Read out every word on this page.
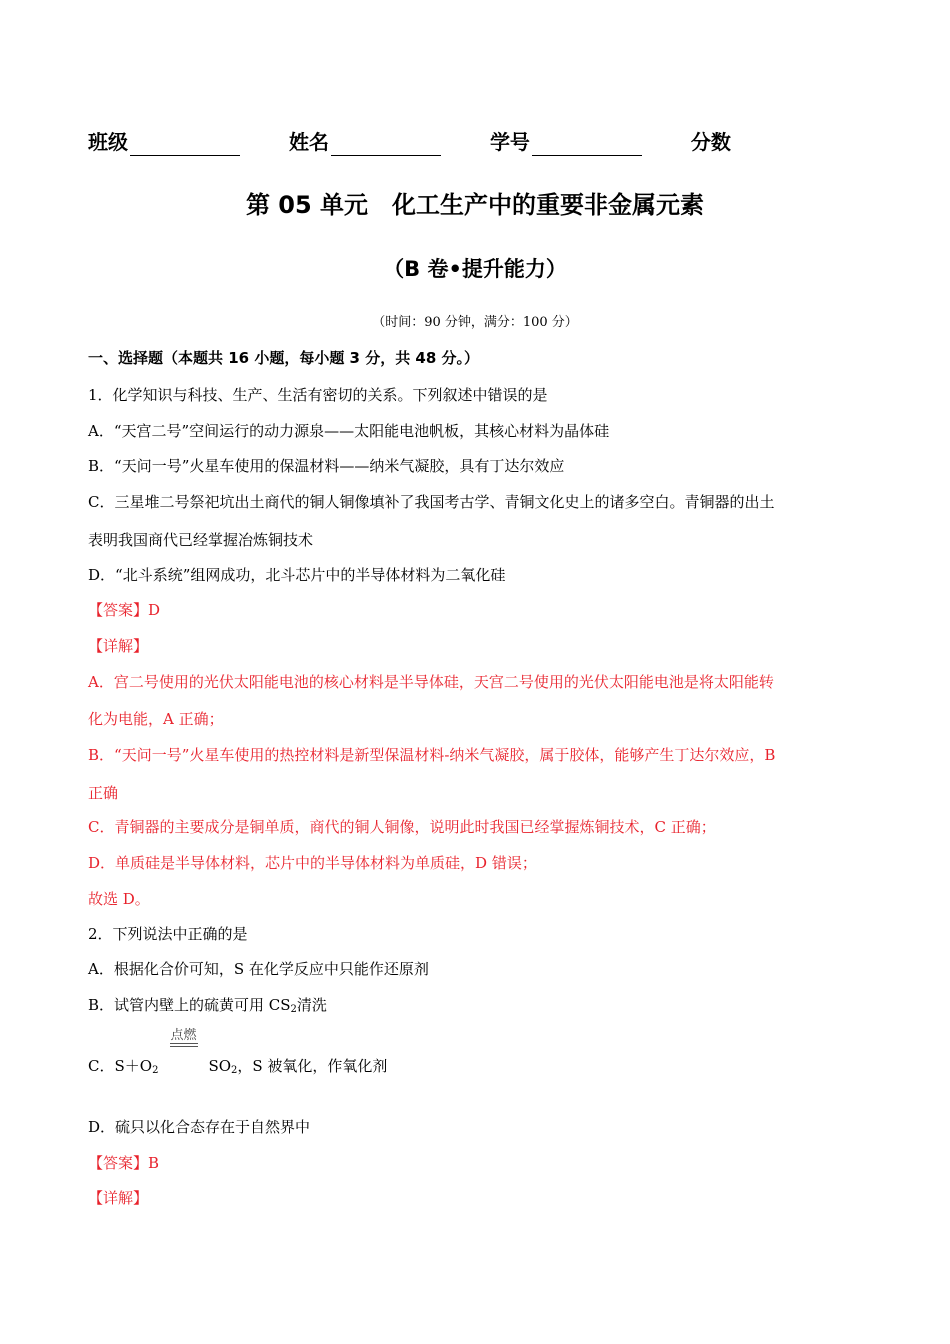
班级	姓名	学号	分数
第 05 单元　化工生产中的重要非金属元素
（B 卷•提升能力）
（时间：90 分钟，满分：100 分）
一、选择题（本题共 16 小题，每小题 3 分，共 48 分。）
1．化学知识与科技、生产、生活有密切的关系。下列叙述中错误的是
A．“天宫二号”空间运行的动力源泉——太阳能电池帆板，其核心材料为晶体硅
B．“天问一号”火星车使用的保温材料——纳米气凝胶，具有丁达尔效应
C．三星堆二号祭祀坑出土商代的铜人铜像填补了我国考古学、青铜文化史上的诸多空白。青铜器的出土
表明我国商代已经掌握冶炼铜技术
D．“北斗系统”组网成功，北斗芯片中的半导体材料为二氧化硅
【答案】D
【详解】
A．宫二号使用的光伏太阳能电池的核心材料是半导体硅，天宫二号使用的光伏太阳能电池是将太阳能转
化为电能，A 正确；
B．“天问一号”火星车使用的热控材料是新型保温材料-纳米气凝胶，属于胶体，能够产生丁达尔效应，B
正确
C．青铜器的主要成分是铜单质，商代的铜人铜像，说明此时我国已经掌握炼铜技术，C 正确；
D．单质硅是半导体材料，芯片中的半导体材料为单质硅，D 错误；
故选 D。
2．下列说法中正确的是
A．根据化合价可知，S 在化学反应中只能作还原剂
B．试管内壁上的硫黄可用 $CS_2$清洗
C．$S+O_2$
点燃
$SO_2$，S 被氧化，作氧化剂
D．硫只以化合态存在于自然界中
【答案】B
【详解】
